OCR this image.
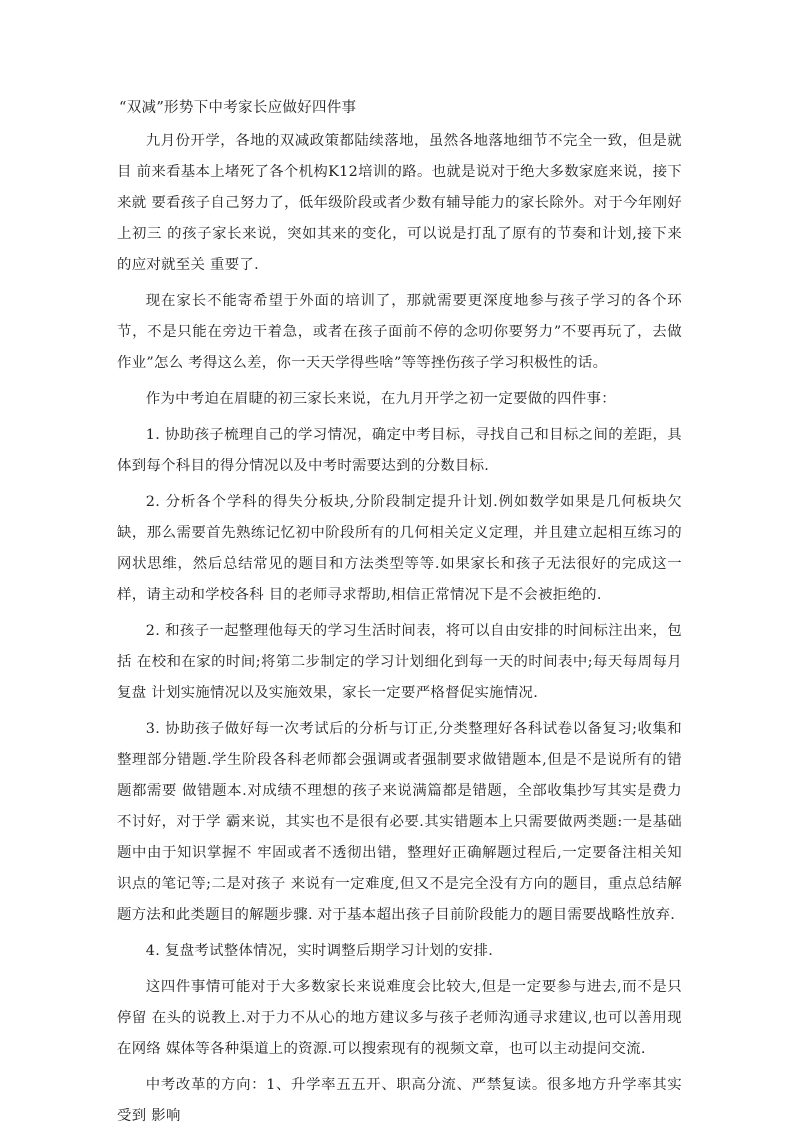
“双减”形势下中考家长应做好四件事

九月份开学，各地的双减政策都陆续落地，虽然各地落地细节不完全一致，但是就目 前来看基本上堵死了各个机构K12培训的路。也就是说对于绝大多数家庭来说，接下来就 要看孩子自己努力了，低年级阶段或者少数有辅导能力的家长除外。对于今年刚好上初三 的孩子家长来说，突如其来的变化，可以说是打乱了原有的节奏和计划,接下来的应对就至关 重要了.

现在家长不能寄希望于外面的培训了，那就需要更深度地参与孩子学习的各个环节，不是只能在旁边干着急，或者在孩子面前不停的念叨你要努力”不要再玩了，去做作业”怎么 考得这么差，你一天天学得些啥”等等挫伤孩子学习积极性的话。

作为中考迫在眉睫的初三家长来说，在九月开学之初一定要做的四件事：

1. 协助孩子梳理自己的学习情况，确定中考目标，寻找自己和目标之间的差距，具体到每个科目的得分情况以及中考时需要达到的分数目标.

2. 分析各个学科的得失分板块,分阶段制定提升计划.例如数学如果是几何板块欠缺，那么需要首先熟练记忆初中阶段所有的几何相关定义定理，并且建立起相互练习的网状思维，然后总结常见的题目和方法类型等等.如果家长和孩子无法很好的完成这一样，请主动和学校各科 目的老师寻求帮助,相信正常情况下是不会被拒绝的.

2. 和孩子一起整理他每天的学习生活时间表，将可以自由安排的时间标注出来，包括 在校和在家的时间;将第二步制定的学习计划细化到每一天的时间表中;每天每周每月复盘 计划实施情况以及实施效果，家长一定要严格督促实施情况.

3. 协助孩子做好每一次考试后的分析与订正,分类整理好各科试卷以备复习;收集和整理部分错题.学生阶段各科老师都会强调或者强制要求做错题本,但是不是说所有的错题都需要 做错题本.对成绩不理想的孩子来说满篇都是错题，全部收集抄写其实是费力不讨好，对于学 霸来说，其实也不是很有必要.其实错题本上只需要做两类题:一是基础题中由于知识掌握不 牢固或者不透彻出错，整理好正确解题过程后,一定要备注相关知识点的笔记等;二是对孩子 来说有一定难度,但又不是完全没有方向的题目，重点总结解题方法和此类题目的解题步骤. 对于基本超出孩子目前阶段能力的题目需要战略性放弃.

4. 复盘考试整体情况，实时调整后期学习计划的安排.

这四件事情可能对于大多数家长来说难度会比较大,但是一定要参与进去,而不是只停留 在头的说教上.对于力不从心的地方建议多与孩子老师沟通寻求建议,也可以善用现在网络 媒体等各种渠道上的资源.可以搜索现有的视频文章，也可以主动提问交流.

中考改革的方向：1、升学率五五开、职高分流、严禁复读。很多地方升学率其实受到 影响
